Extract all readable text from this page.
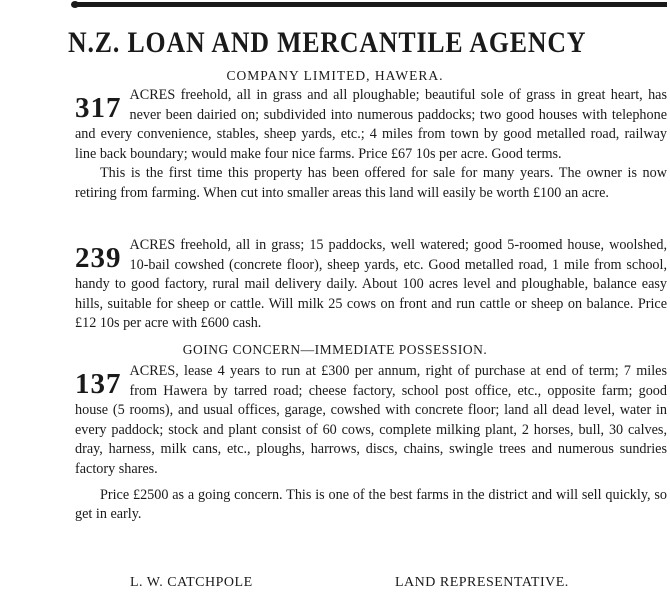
N.Z. LOAN AND MERCANTILE AGENCY
COMPANY LIMITED, HAWERA.
317 ACRES freehold, all in grass and all ploughable; beautiful sole of grass in great heart, has never been dairied on; subdivided into numerous paddocks; two good houses with telephone and every convenience, stables, sheep yards, etc.; 4 miles from town by good metalled road, railway line back boundary; would make four nice farms. Price £67 10s per acre. Good terms.
This is the first time this property has been offered for sale for many years. The owner is now retiring from farming. When cut into smaller areas this land will easily be worth £100 an acre.
239 ACRES freehold, all in grass; 15 paddocks, well watered; good 5-roomed house, woolshed, 10-bail cowshed (concrete floor), sheep yards, etc. Good metalled road, 1 mile from school, handy to good factory, rural mail delivery daily. About 100 acres level and ploughable, balance easy hills, suitable for sheep or cattle. Will milk 25 cows on front and run cattle or sheep on balance. Price £12 10s per acre with £600 cash.
GOING CONCERN—IMMEDIATE POSSESSION.
137 ACRES, lease 4 years to run at £300 per annum, right of purchase at end of term; 7 miles from Hawera by tarred road; cheese factory, school post office, etc., opposite farm; good house (5 rooms), and usual offices, garage, cowshed with concrete floor; land all dead level, water in every paddock; stock and plant consist of 60 cows, complete milking plant, 2 horses, bull, 30 calves, dray, harness, milk cans, etc., ploughs, harrows, discs, chains, swingle trees and numerous sundries factory shares.
Price £2500 as a going concern. This is one of the best farms in the district and will sell quickly, so get in early.
L. W. CATCHPOLE	LAND REPRESENTATIVE.
